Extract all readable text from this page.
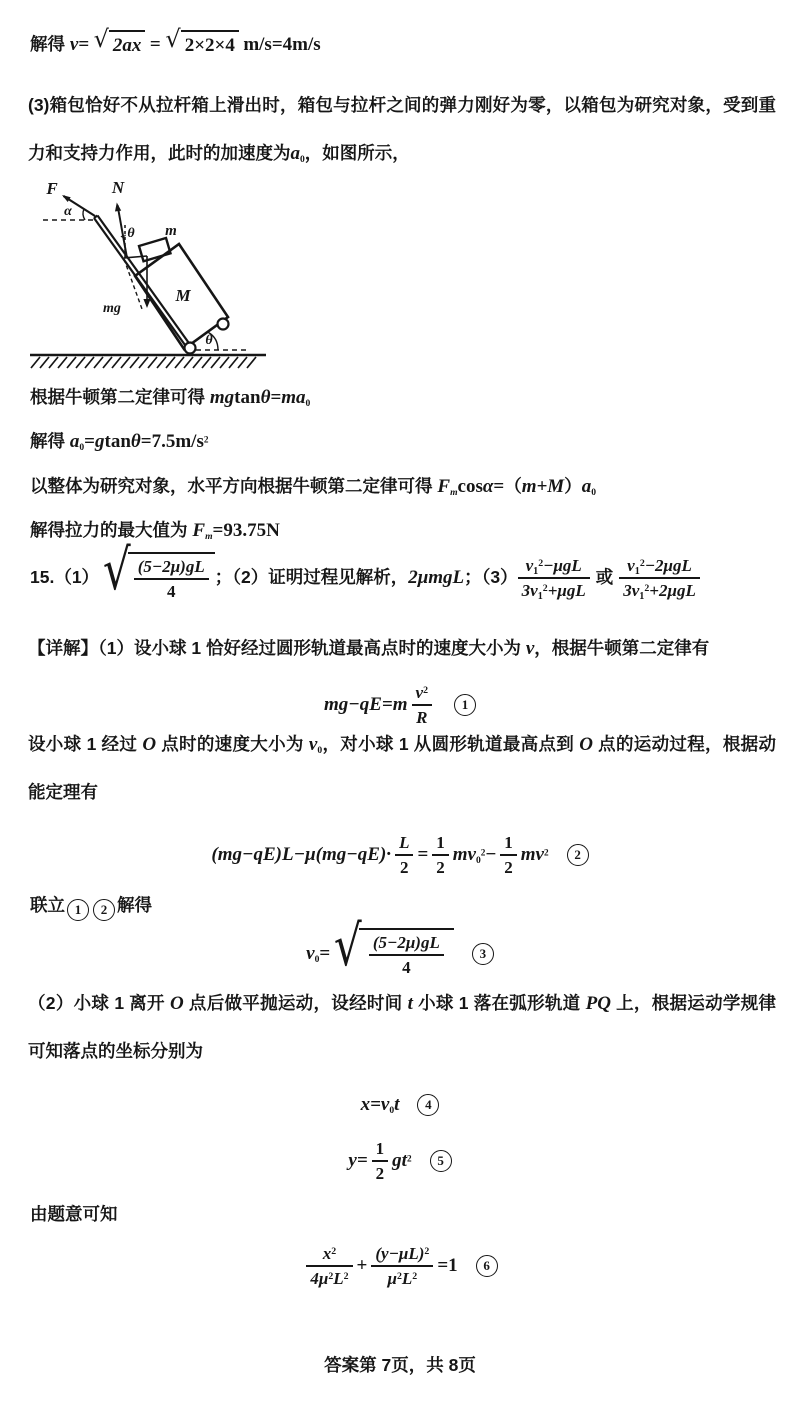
解得 v= √ 2ax = √ 2×2×4 m/s=4m/s

(3)箱包恰好不从拉杆箱上滑出时，箱包与拉杆之间的弹力刚好为零，以箱包为研究对象，受到重力和支持力作用，此时的加速度为$a_0$，如图所示，

F	N
α
θ m
M
mg
θ
根据牛顿第二定律可得 $mgtan\theta=ma_0$
解得 $a_0=gtan\theta=7.5m/s^2$
以整体为研究对象，水平方向根据牛顿第二定律可得 $F_m\cos\alpha=(m+M)a_0$
解得拉力的最大值为 $F_m=93.75N$
15.（1） √ $\frac{(5-2\mu)gL}{4}$ ；（2）证明过程见解析，2μmgL；$(3) \frac{v_1^2-\mu gL}{3v_1^2+\mu gL}$ 或 $\frac{v_1^2-2\mu gL}{3v_1^2+2\mu gL}$

【详解】（1）设小球 1 恰好经过圆形轨道最高点时的速度大小为 v，根据牛顿第二定律有

$mg-qE=m \frac{v^2}{R}$	1

设小球 1 经过 O 点时的速度大小为 $v_0$，对小球 1 从圆形轨道最高点到 O 点的运动过程，根据动能定理有

$(mg-qE)L-\mu(mg-qE)\cdot \frac{L}{2} = \frac{1}{2} mv_0^2- \frac{1}{2} mv^2$	2
联立 1 2 解得
$v_0=$ √ $\frac{(5-2\mu)gL}{4}$	3

（2）小球 1 离开 O 点后做平抛运动，设经时间 t 小球 1 落在弧形轨道 PQ 上，根据运动学规律可知落点的坐标分别为

$x=v_0t$	4
$y= \frac{1}{2} gt^2$	5
由题意可知
$\frac{x^2}{4\mu^2L^2} + \frac{(y-\mu L)^2}{\mu^2L^2} =1$	6
答案第 7页，共 8页
